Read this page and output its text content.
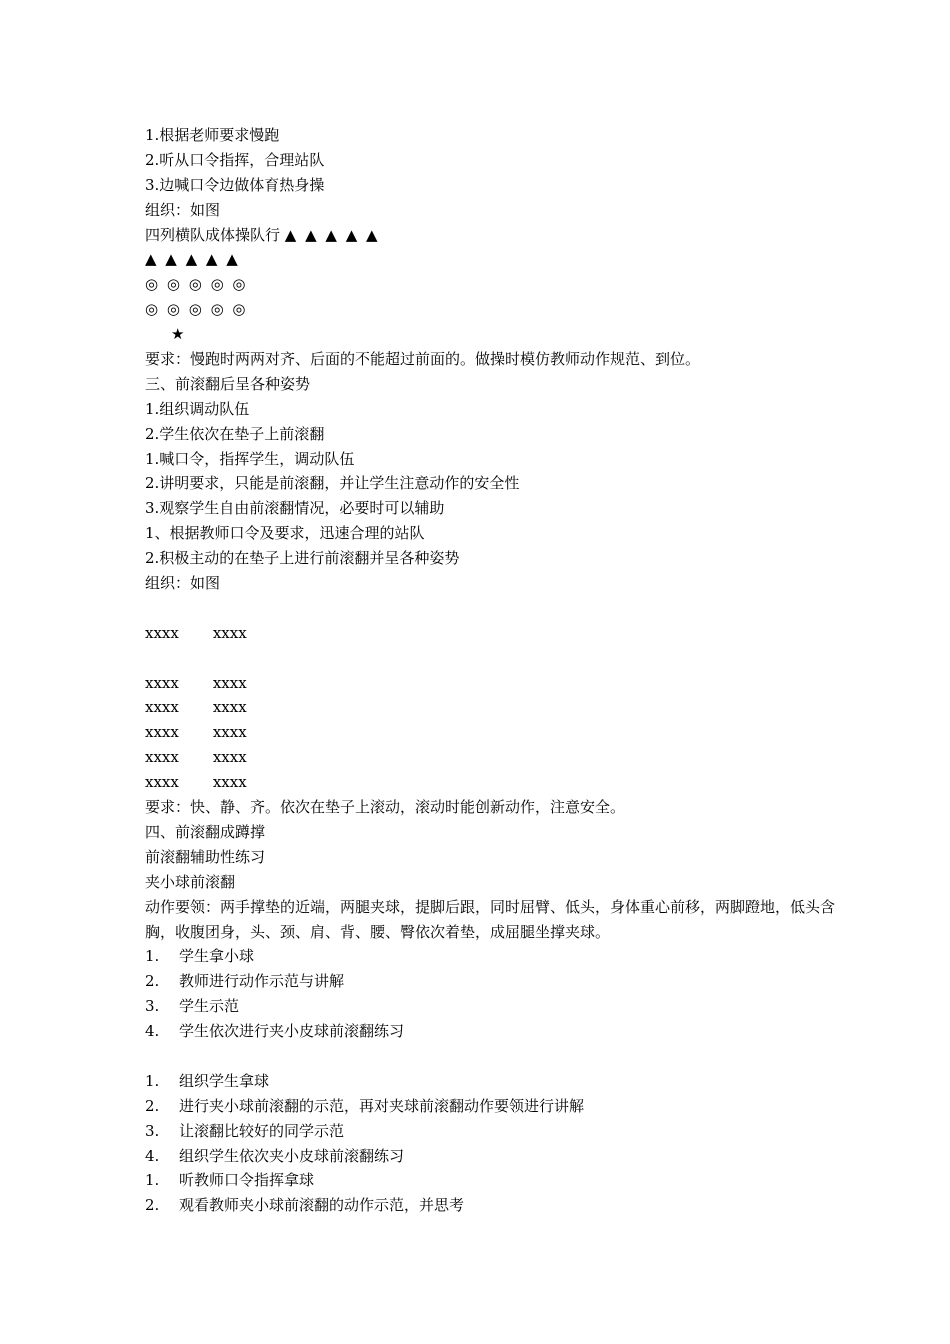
1.根据老师要求慢跑
2.听从口令指挥，合理站队
3.边喊口令边做体育热身操
组织：如图
四列横队成体操队行 ▲ ▲ ▲ ▲ ▲
▲ ▲ ▲ ▲ ▲
◎ ◎ ◎ ◎ ◎
◎ ◎ ◎ ◎ ◎
★
要求：慢跑时两两对齐、后面的不能超过前面的。做操时模仿教师动作规范、到位。
三、前滚翻后呈各种姿势
1.组织调动队伍
2.学生依次在垫子上前滚翻
1.喊口令，指挥学生，调动队伍
2.讲明要求，只能是前滚翻，并让学生注意动作的安全性
3.观察学生自由前滚翻情况，必要时可以辅助
1、根据教师口令及要求，迅速合理的站队
2.积极主动的在垫子上进行前滚翻并呈各种姿势
组织：如图
xxxx xxxx
xxxx xxxx
xxxx xxxx
xxxx xxxx
xxxx xxxx
xxxx xxxx
要求：快、静、齐。依次在垫子上滚动，滚动时能创新动作，注意安全。
四、前滚翻成蹲撑
前滚翻辅助性练习
夹小球前滚翻
动作要领：两手撑垫的近端，两腿夹球，提脚后跟，同时屈臂、低头，身体重心前移，两脚蹬地，低头含胸，收腹团身，头、颈、肩、背、腰、臀依次着垫，成屈腿坐撑夹球。
1. 学生拿小球
2. 教师进行动作示范与讲解
3. 学生示范
4. 学生依次进行夹小皮球前滚翻练习
1. 组织学生拿球
2. 进行夹小球前滚翻的示范，再对夹球前滚翻动作要领进行讲解
3. 让滚翻比较好的同学示范
4. 组织学生依次夹小皮球前滚翻练习
1. 听教师口令指挥拿球
2. 观看教师夹小球前滚翻的动作示范，并思考
